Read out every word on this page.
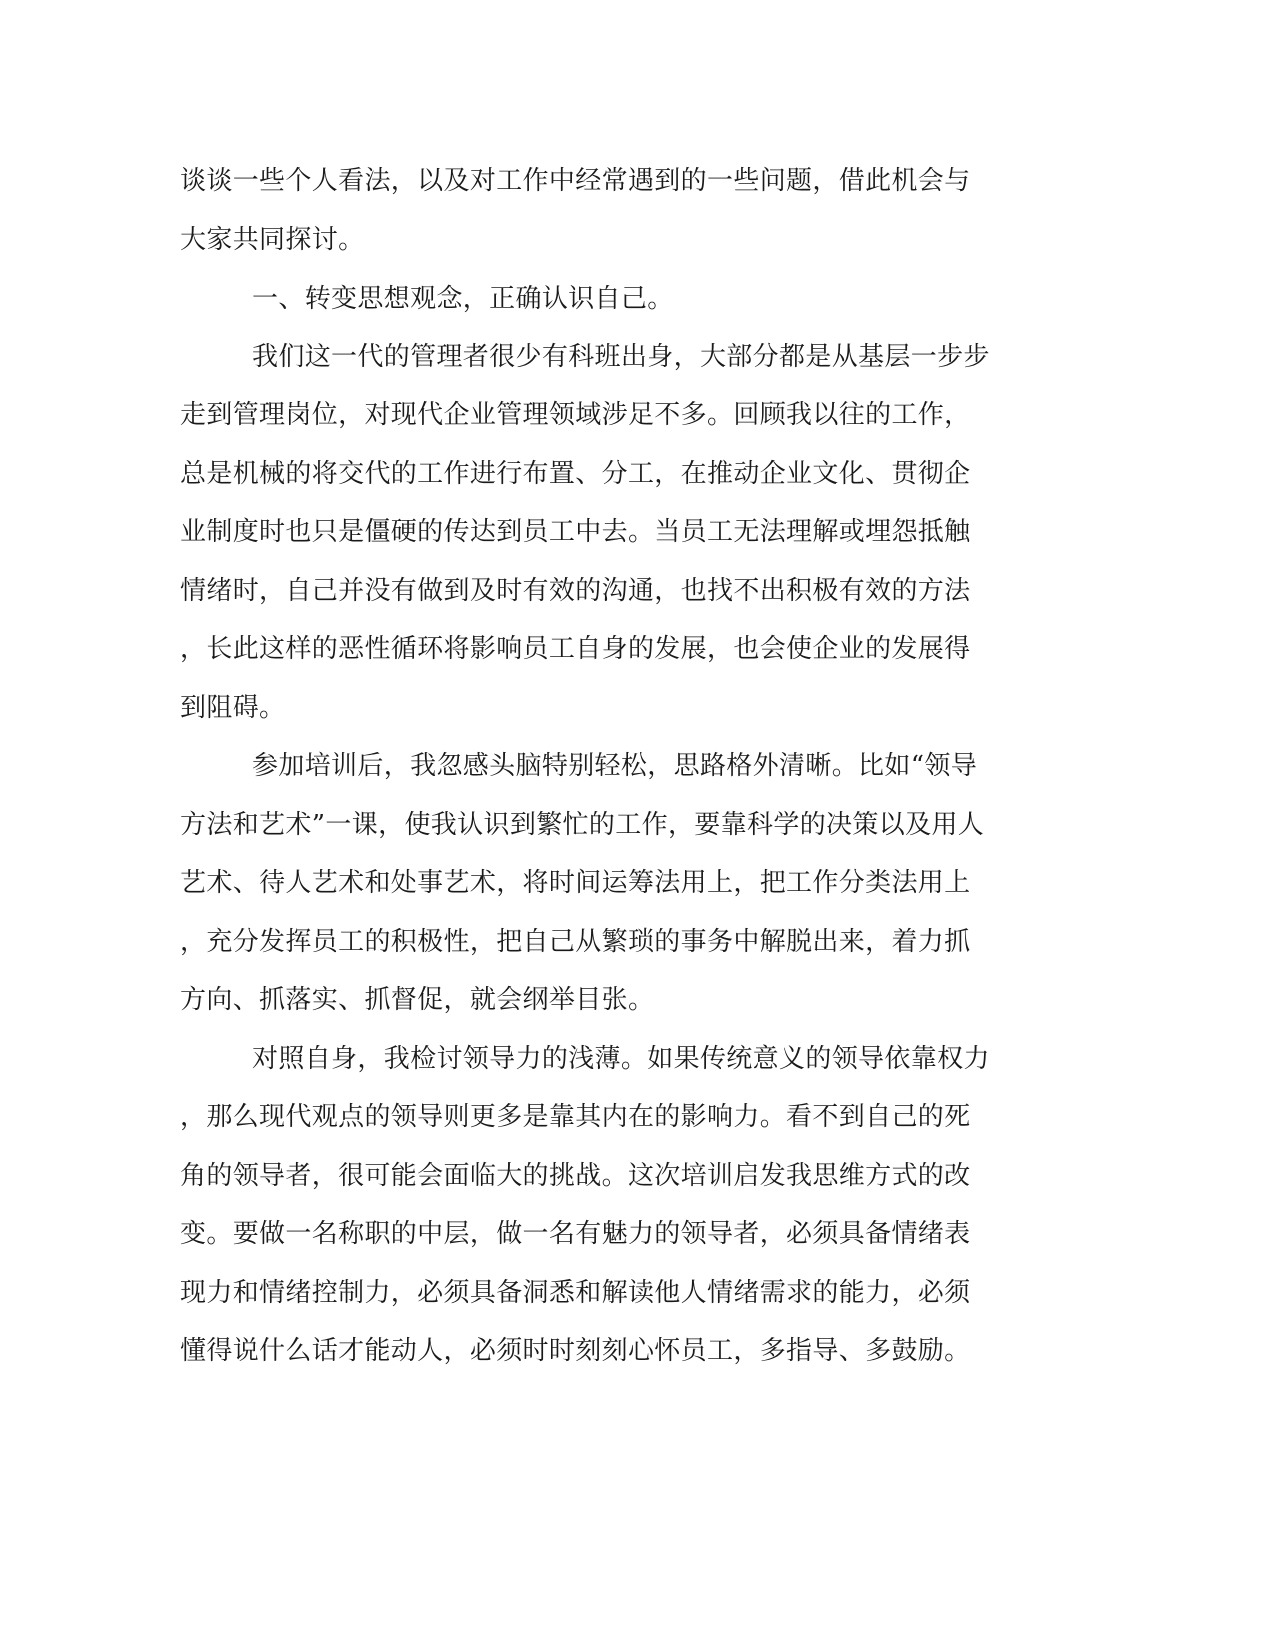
谈谈一些个人看法，以及对工作中经常遇到的一些问题，借此机会与
大家共同探讨。
一、转变思想观念，正确认识自己。
我们这一代的管理者很少有科班出身，大部分都是从基层一步步
走到管理岗位，对现代企业管理领域涉足不多。回顾我以往的工作，
总是机械的将交代的工作进行布置、分工，在推动企业文化、贯彻企
业制度时也只是僵硬的传达到员工中去。当员工无法理解或埋怨抵触
情绪时，自己并没有做到及时有效的沟通，也找不出积极有效的方法
，长此这样的恶性循环将影响员工自身的发展，也会使企业的发展得
到阻碍。
参加培训后，我忽感头脑特别轻松，思路格外清晰。比如“领导
方法和艺术”一课，使我认识到繁忙的工作，要靠科学的决策以及用人
艺术、待人艺术和处事艺术，将时间运筹法用上，把工作分类法用上
，充分发挥员工的积极性，把自己从繁琐的事务中解脱出来，着力抓
方向、抓落实、抓督促，就会纲举目张。
对照自身，我检讨领导力的浅薄。如果传统意义的领导依靠权力
，那么现代观点的领导则更多是靠其内在的影响力。看不到自己的死
角的领导者，很可能会面临大的挑战。这次培训启发我思维方式的改
变。要做一名称职的中层，做一名有魅力的领导者，必须具备情绪表
现力和情绪控制力，必须具备洞悉和解读他人情绪需求的能力，必须
懂得说什么话才能动人，必须时时刻刻心怀员工，多指导、多鼓励。
